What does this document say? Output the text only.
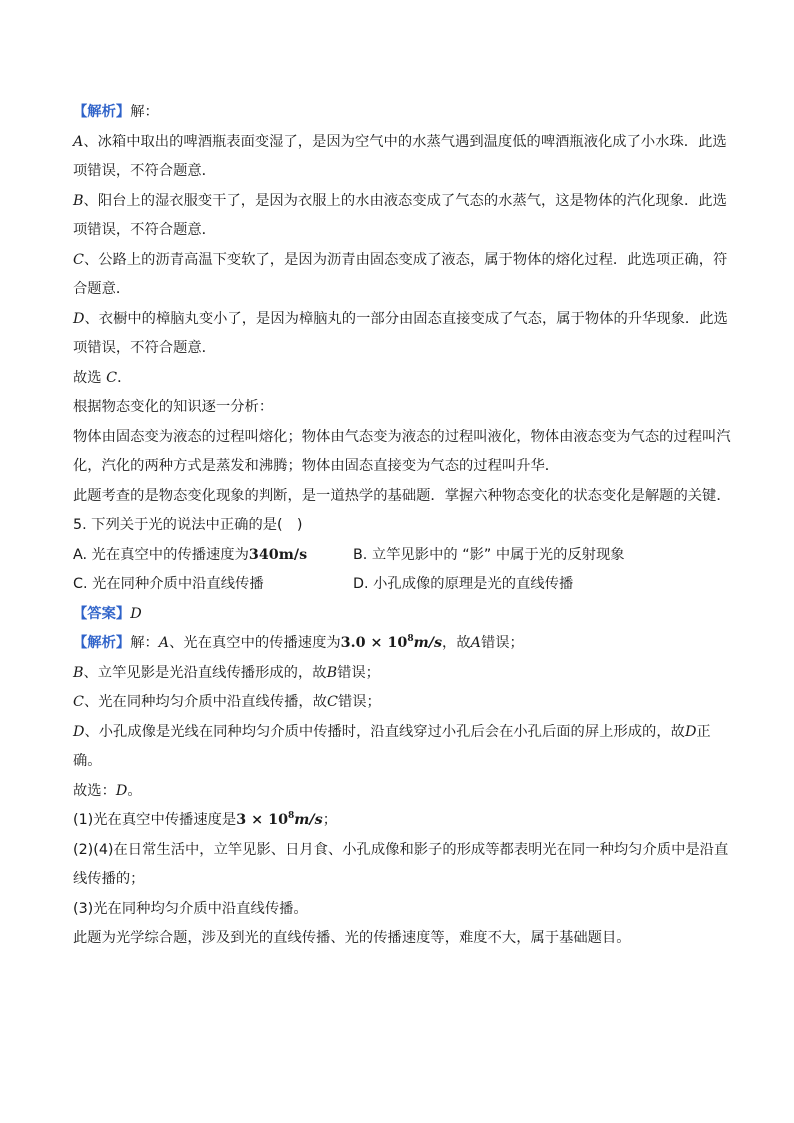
【解析】解：

A、冰箱中取出的啤酒瓶表面变湿了，是因为空气中的水蒸气遇到温度低的啤酒瓶液化成了小水珠．此选

项错误，不符合题意．

B、阳台上的湿衣服变干了，是因为衣服上的水由液态变成了气态的水蒸气，这是物体的汽化现象．此选

项错误，不符合题意．

C、公路上的沥青高温下变软了，是因为沥青由固态变成了液态，属于物体的熔化过程．此选项正确，符

合题意．

D、衣橱中的樟脑丸变小了，是因为樟脑丸的一部分由固态直接变成了气态，属于物体的升华现象．此选

项错误，不符合题意．

故选 C．

根据物态变化的知识逐一分析：

物体由固态变为液态的过程叫熔化；物体由气态变为液态的过程叫液化，物体由液态变为气态的过程叫汽

化，汽化的两种方式是蒸发和沸腾；物体由固态直接变为气态的过程叫升华．

此题考查的是物态变化现象的判断，是一道热学的基础题．掌握六种物态变化的状态变化是解题的关键．

5. 下列关于光的说法中正确的是(　)

A. 光在真空中的传播速度为340m/s	B. 立竿见影中的 “影” 中属于光的反射现象
C. 光在同种介质中沿直线传播	D. 小孔成像的原理是光的直线传播

【答案】D

【解析】解：A、光在真空中的传播速度为$3.0 \times 10^8m/s$，故A错误；

B、立竿见影是光沿直线传播形成的，故B错误；

C、光在同种均匀介质中沿直线传播，故C错误；

D、小孔成像是光线在同种均匀介质中传播时，沿直线穿过小孔后会在小孔后面的屏上形成的，故D正

确。

故选：D。

(1)光在真空中传播速度是$3 \times 10^8m/s$；

(2)(4)在日常生活中，立竿见影、日月食、小孔成像和影子的形成等都表明光在同一种均匀介质中是沿直

线传播的；

(3)光在同种均匀介质中沿直线传播。

此题为光学综合题，涉及到光的直线传播、光的传播速度等，难度不大，属于基础题目。
